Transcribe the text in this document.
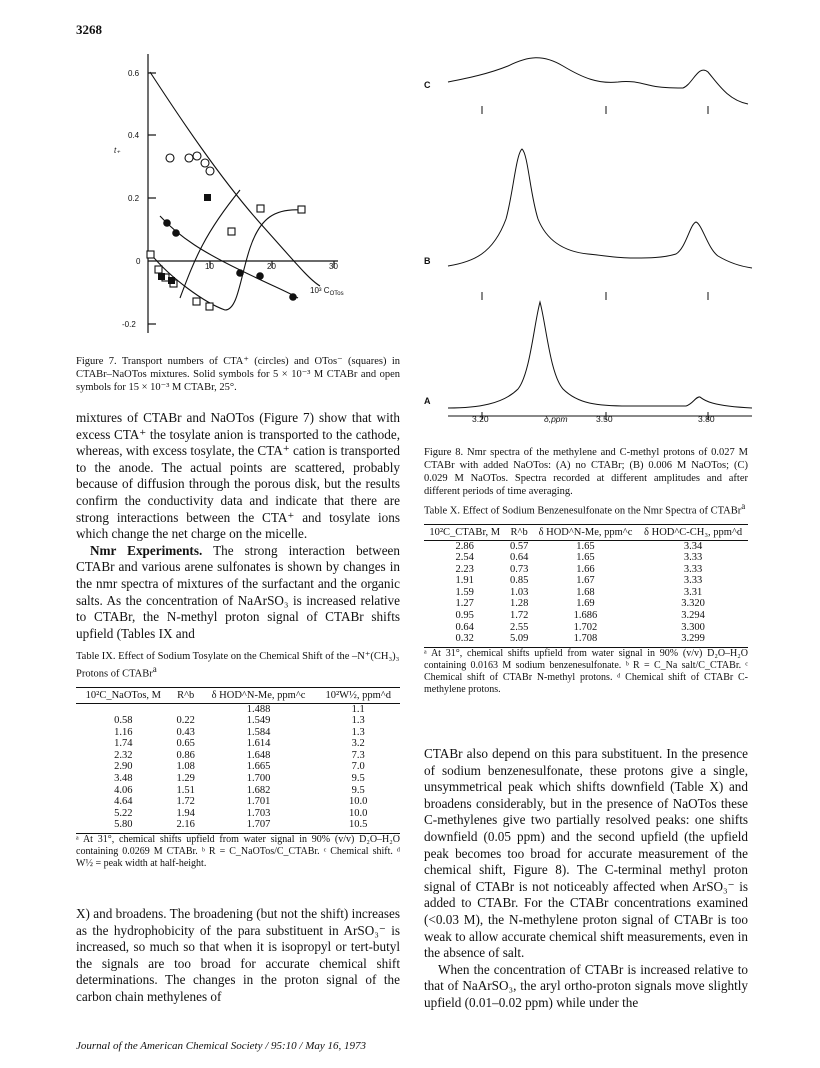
3268
0.6
0.4
0.2
0
-0.2
10	20	30
t₊
10³ $C_{OTos}$
Figure 7. Transport numbers of CTA⁺ (circles) and OTos⁻ (squares) in CTABr–NaOTos mixtures. Solid symbols for 5 × 10⁻³ M CTABr and open symbols for 15 × 10⁻³ M CTABr, 25°.
C
B
A
3.20	δ,ppm	3.50	3.80
Figure 8. Nmr spectra of the methylene and C-methyl protons of 0.027 M CTABr with added NaOTos: (A) no CTABr; (B) 0.006 M NaOTos; (C) 0.029 M NaOTos. Spectra recorded at different amplitudes and after different periods of time averaging.

mixtures of CTABr and NaOTos (Figure 7) show that with excess CTA⁺ the tosylate anion is transported to the cathode, whereas, with excess tosylate, the CTA⁺ cation is transported to the anode. The actual points are scattered, probably because of diffusion through the porous disk, but the results confirm the conductivity data and indicate that there are strong interactions between the CTA⁺ and tosylate ions which change the net charge on the micelle.

Nmr Experiments. The strong interaction between CTABr and various arene sulfonates is shown by changes in the nmr spectra of mixtures of the surfactant and the organic salts. As the concentration of NaArSO₃ is increased relative to CTABr, the N-methyl proton signal of CTABr shifts upfield (Tables IX and

Table IX. Effect of Sodium Tosylate on the Chemical Shift of the –N⁺(CH₃)₃ Protons of CTABr$^a$
10²C_NaOTos, M	R^b	δ HOD^N-Me, ppm^c	10²W½, ppm^d
		1.488	1.1
0.58	0.22	1.549	1.3
1.16	0.43	1.584	1.3
1.74	0.65	1.614	3.2
2.32	0.86	1.648	7.3
2.90	1.08	1.665	7.0
3.48	1.29	1.700	9.5
4.06	1.51	1.682	9.5
4.64	1.72	1.701	10.0
5.22	1.94	1.703	10.0
5.80	2.16	1.707	10.5
ᵃ At 31°, chemical shifts upfield from water signal in 90% (v/v) D₂O–H₂O containing 0.0269 M CTABr. ᵇ R = C_NaOTos/C_CTABr. ᶜ Chemical shift. ᵈ W½ = peak width at half-height.

X) and broadens. The broadening (but not the shift) increases as the hydrophobicity of the para substituent in ArSO₃⁻ is increased, so much so that when it is isopropyl or tert-butyl the signals are too broad for accurate chemical shift determinations. The changes in the proton signal of the carbon chain methylenes of

Table X. Effect of Sodium Benzenesulfonate on the Nmr Spectra of CTABr$^a$
10²C_CTABr, M	R^b	δ HOD^N-Me, ppm^c	δ HOD^C-CH₃, ppm^d
2.86	0.57	1.65	3.34
2.54	0.64	1.65	3.33
2.23	0.73	1.66	3.33
1.91	0.85	1.67	3.33
1.59	1.03	1.68	3.31
1.27	1.28	1.69	3.320
0.95	1.72	1.686	3.294
0.64	2.55	1.702	3.300
0.32	5.09	1.708	3.299
ᵃ At 31°, chemical shifts upfield from water signal in 90% (v/v) D₂O–H₂O containing 0.0163 M sodium benzenesulfonate. ᵇ R = C_Na salt/C_CTABr. ᶜ Chemical shift of CTABr N-methyl protons. ᵈ Chemical shift of CTABr C-methylene protons.

CTABr also depend on this para substituent. In the presence of sodium benzenesulfonate, these protons give a single, unsymmetrical peak which shifts downfield (Table X) and broadens considerably, but in the presence of NaOTos these C-methylenes give two partially resolved peaks: one shifts downfield (0.05 ppm) and the second upfield (the upfield peak becomes too broad for accurate measurement of the chemical shift, Figure 8). The C-terminal methyl proton signal of CTABr is not noticeably affected when ArSO₃⁻ is added to CTABr. For the CTABr concentrations examined (<0.03 M), the N-methylene proton signal of CTABr is too weak to allow accurate chemical shift measurements, even in the absence of salt.

When the concentration of CTABr is increased relative to that of NaArSO₃, the aryl ortho-proton signals move slightly upfield (0.01–0.02 ppm) while under the

Journal of the American Chemical Society / 95:10 / May 16, 1973
